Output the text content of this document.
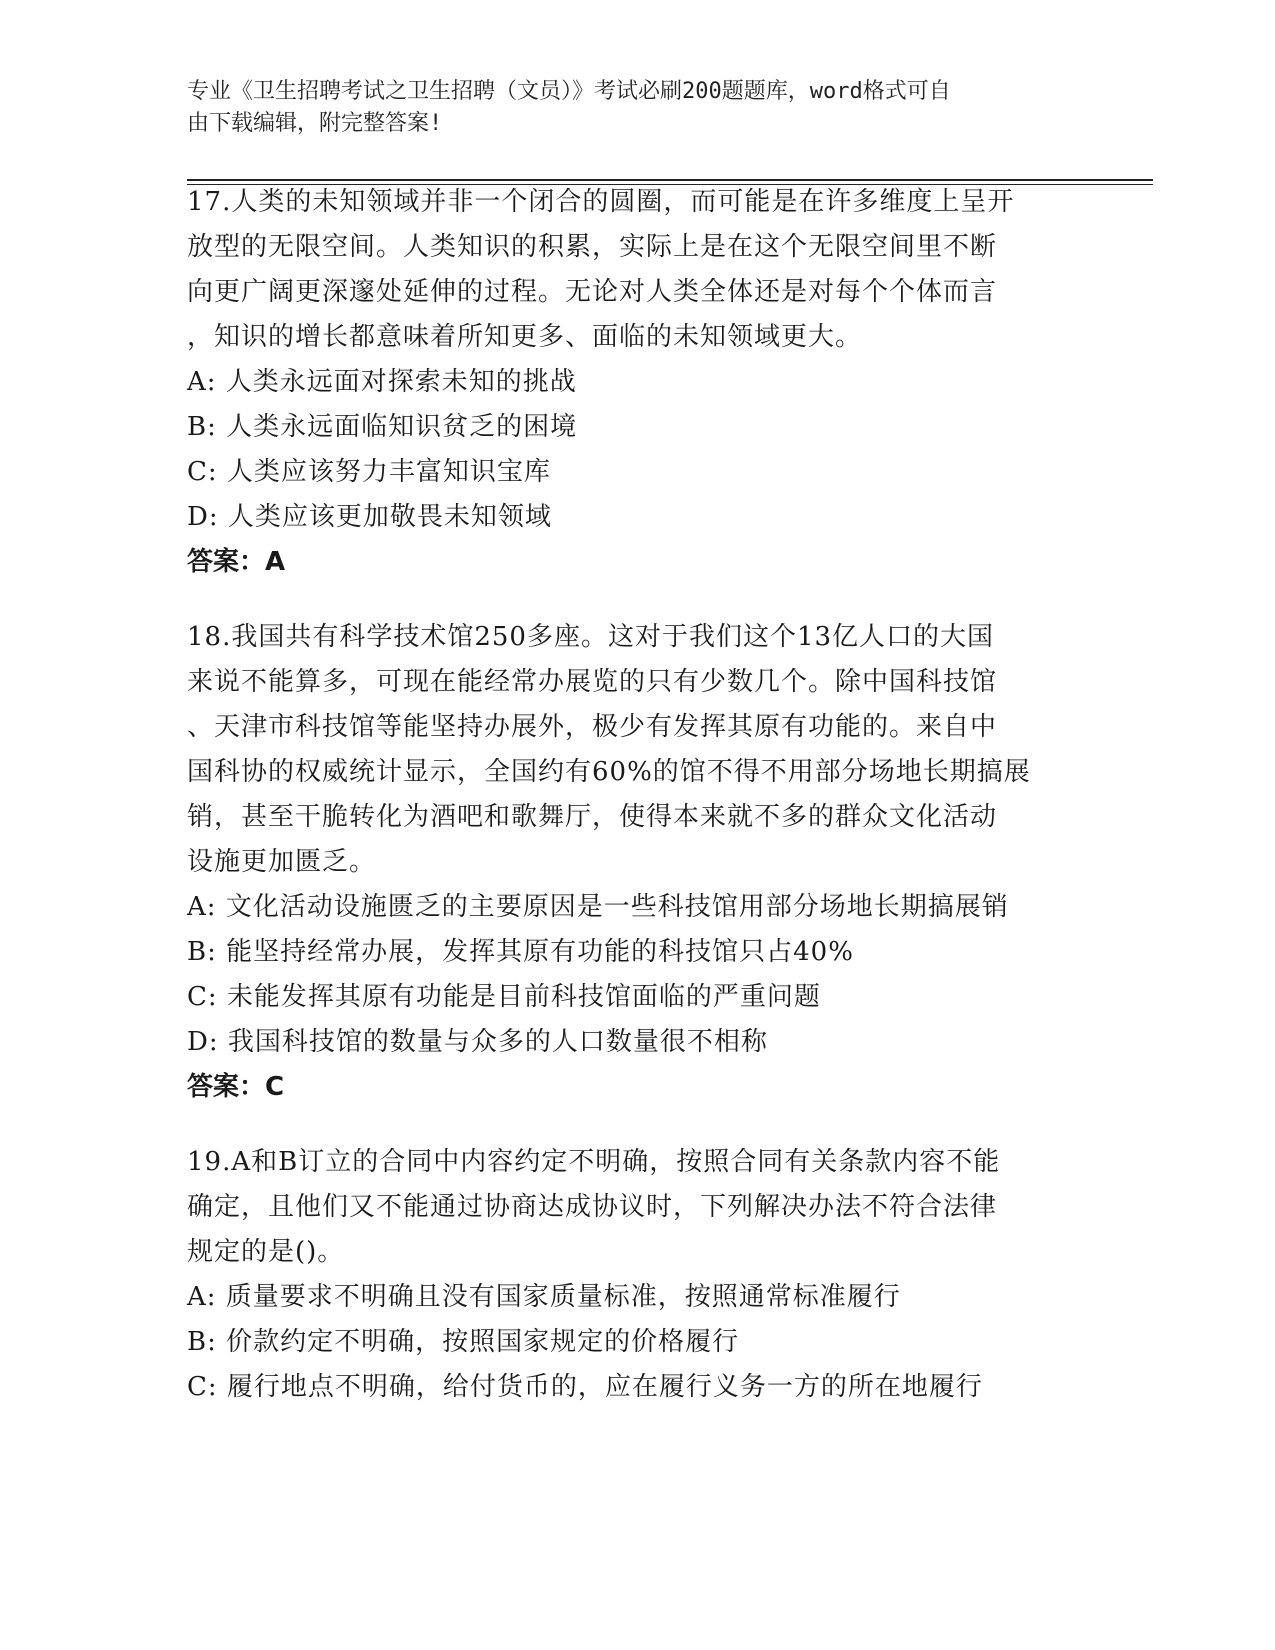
专业《卫生招聘考试之卫生招聘（文员）》考试必刷200题题库，word格式可自
由下载编辑，附完整答案!
17.人类的未知领域并非一个闭合的圆圈，而可能是在许多维度上呈开
放型的无限空间。人类知识的积累，实际上是在这个无限空间里不断
向更广阔更深邃处延伸的过程。无论对人类全体还是对每个个体而言
，知识的增长都意味着所知更多、面临的未知领域更大。
A: 人类永远面对探索未知的挑战
B: 人类永远面临知识贫乏的困境
C: 人类应该努力丰富知识宝库
D: 人类应该更加敬畏未知领域
答案：A
18.我国共有科学技术馆250多座。这对于我们这个13亿人口的大国
来说不能算多，可现在能经常办展览的只有少数几个。除中国科技馆
、天津市科技馆等能坚持办展外，极少有发挥其原有功能的。来自中
国科协的权威统计显示，全国约有60%的馆不得不用部分场地长期搞展
销，甚至干脆转化为酒吧和歌舞厅，使得本来就不多的群众文化活动
设施更加匮乏。
A: 文化活动设施匮乏的主要原因是一些科技馆用部分场地长期搞展销
B: 能坚持经常办展，发挥其原有功能的科技馆只占40%
C: 未能发挥其原有功能是目前科技馆面临的严重问题
D: 我国科技馆的数量与众多的人口数量很不相称
答案：C
19.A和B订立的合同中内容约定不明确，按照合同有关条款内容不能
确定，且他们又不能通过协商达成协议时，下列解决办法不符合法律
规定的是()。
A: 质量要求不明确且没有国家质量标准，按照通常标准履行
B: 价款约定不明确，按照国家规定的价格履行
C: 履行地点不明确，给付货币的，应在履行义务一方的所在地履行
